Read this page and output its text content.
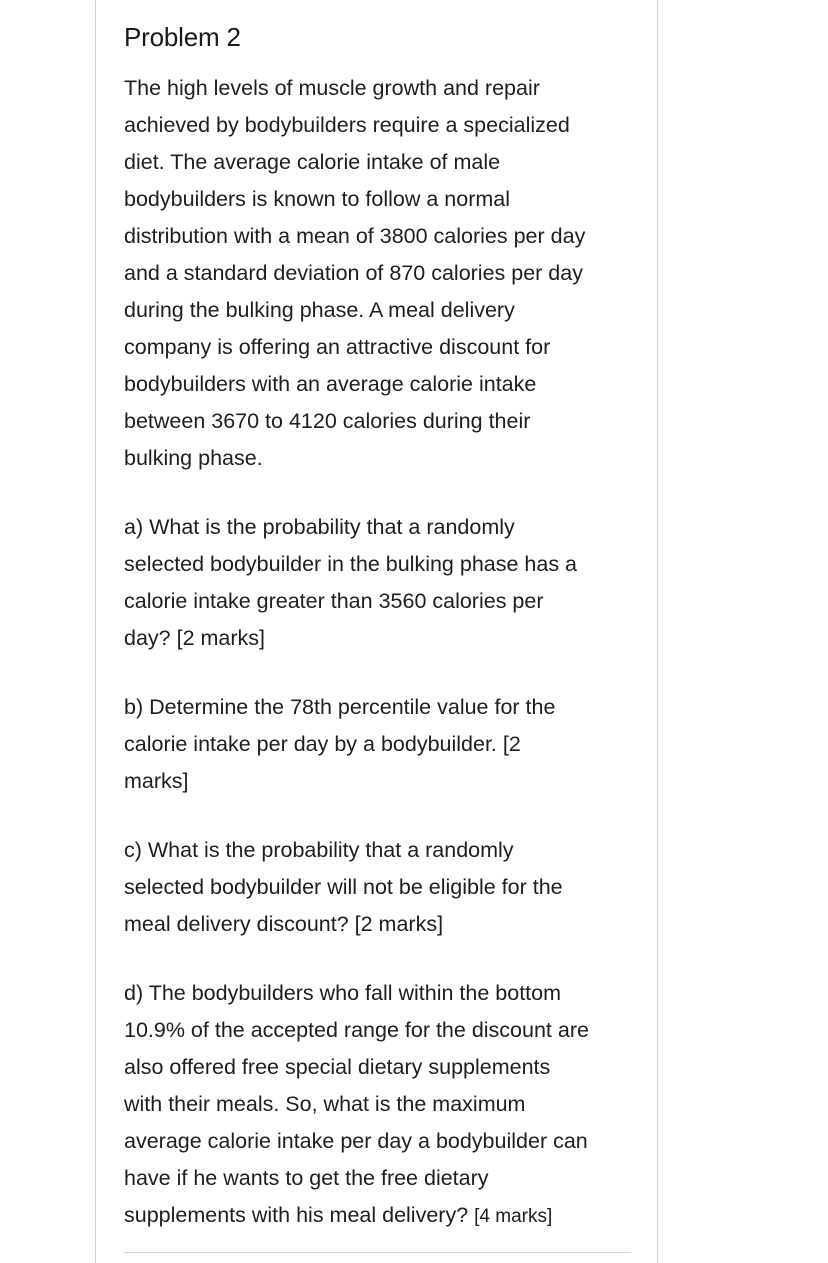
Problem 2

The high levels of muscle growth and repair
achieved by bodybuilders require a specialized
diet. The average calorie intake of male
bodybuilders is known to follow a normal
distribution with a mean of 3800 calories per day
and a standard deviation of 870 calories per day
during the bulking phase. A meal delivery
company is offering an attractive discount for
bodybuilders with an average calorie intake
between 3670 to 4120 calories during their
bulking phase.

a) What is the probability that a randomly
selected bodybuilder in the bulking phase has a
calorie intake greater than 3560 calories per
day? [2 marks]

b) Determine the 78th percentile value for the
calorie intake per day by a bodybuilder. [2
marks]

c) What is the probability that a randomly
selected bodybuilder will not be eligible for the
meal delivery discount? [2 marks]

d) The bodybuilders who fall within the bottom
10.9% of the accepted range for the discount are
also offered free special dietary supplements
with their meals. So, what is the maximum
average calorie intake per day a bodybuilder can
have if he wants to get the free dietary
supplements with his meal delivery? [4 marks]
